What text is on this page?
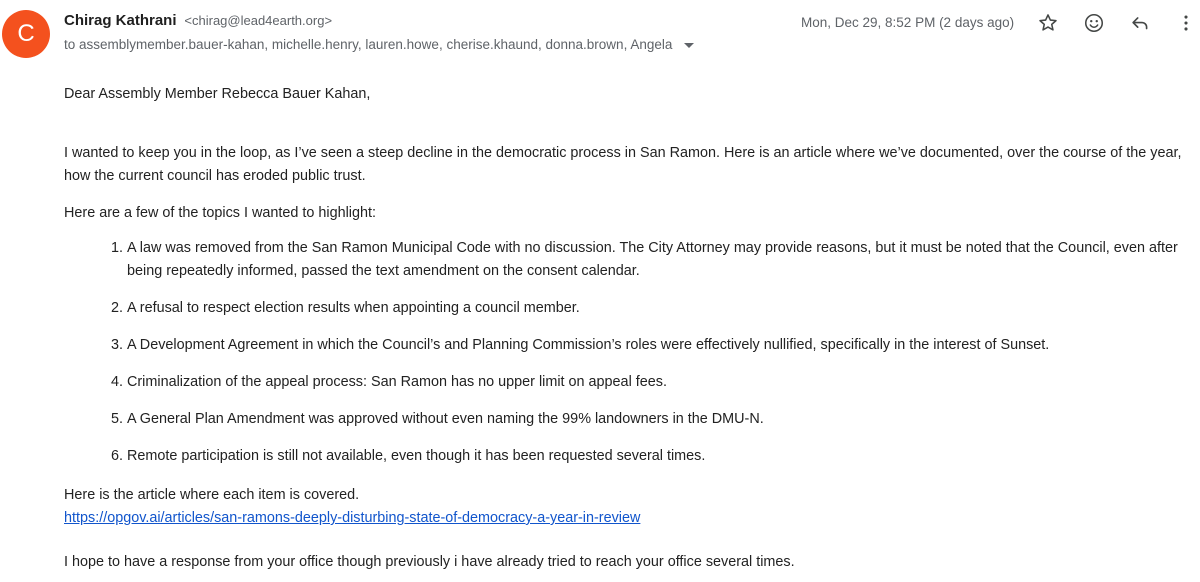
C	Chirag Kathrani <chirag@lead4earth.org>
to assemblymember.bauer-kahan, michelle.henry, lauren.howe, cherise.khaund, donna.brown, Angela
Mon, Dec 29, 8:52 PM (2 days ago)

Dear Assembly Member Rebecca Bauer Kahan,

I wanted to keep you in the loop, as I’ve seen a steep decline in the democratic process in San Ramon. Here is an article where we’ve documented, over the course of the year, how the current council has eroded public trust.

Here are a few of the topics I wanted to highlight:

1. A law was removed from the San Ramon Municipal Code with no discussion. The City Attorney may provide reasons, but it must be noted that the Council, even after being repeatedly informed, passed the text amendment on the consent calendar.
2. A refusal to respect election results when appointing a council member.
3. A Development Agreement in which the Council’s and Planning Commission’s roles were effectively nullified, specifically in the interest of Sunset.
4. Criminalization of the appeal process: San Ramon has no upper limit on appeal fees.
5. A General Plan Amendment was approved without even naming the 99% landowners in the DMU-N.
6. Remote participation is still not available, even though it has been requested several times.

Here is the article where each item is covered.

https://opgov.ai/articles/san-ramons-deeply-disturbing-state-of-democracy-a-year-in-review

I hope to have a response from your office though previously i have already tried to reach your office several times.
